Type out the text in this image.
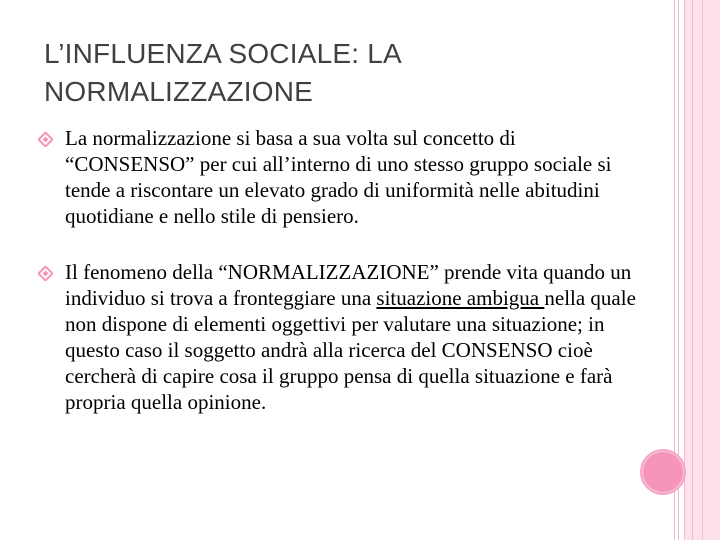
L’INFLUENZA SOCIALE: LA
NORMALIZZAZIONE
La normalizzazione si basa a sua volta sul concetto di “CONSENSO” per cui all’interno di uno stesso gruppo sociale si tende a riscontare un elevato grado di uniformità nelle abitudini quotidiane e nello stile di pensiero.
Il fenomeno della “NORMALIZZAZIONE” prende vita quando un individuo si trova a fronteggiare una situazione ambigua nella quale non dispone di elementi oggettivi per valutare una situazione; in questo caso il soggetto andrà alla ricerca del CONSENSO cioè cercherà di capire cosa il gruppo pensa di quella situazione e farà propria quella opinione.
